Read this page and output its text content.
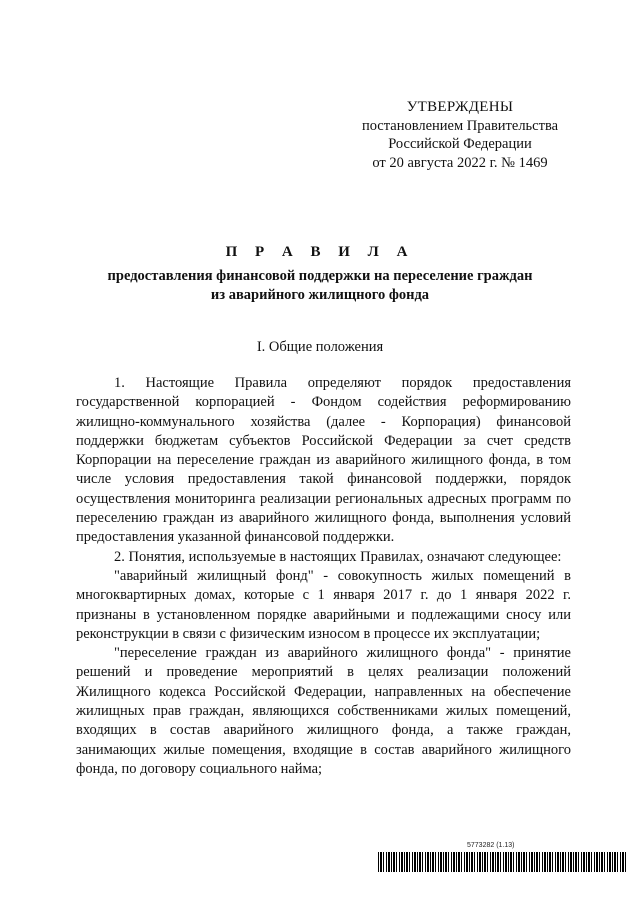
УТВЕРЖДЕНЫ
постановлением Правительства
Российской Федерации
от 20 августа 2022 г. № 1469
П Р А В И Л А
предоставления финансовой поддержки на переселение граждан
из аварийного жилищного фонда
I. Общие положения

1. Настоящие Правила определяют порядок предоставления государственной корпорацией - Фондом содействия реформированию жилищно-коммунального хозяйства (далее - Корпорация) финансовой поддержки бюджетам субъектов Российской Федерации за счет средств Корпорации на переселение граждан из аварийного жилищного фонда, в том числе условия предоставления такой финансовой поддержки, порядок осуществления мониторинга реализации региональных адресных программ по переселению граждан из аварийного жилищного фонда, выполнения условий предоставления указанной финансовой поддержки.

2. Понятия, используемые в настоящих Правилах, означают следующее:

"аварийный жилищный фонд" - совокупность жилых помещений в многоквартирных домах, которые с 1 января 2017 г. до 1 января 2022 г. признаны в установленном порядке аварийными и подлежащими сносу или реконструкции в связи с физическим износом в процессе их эксплуатации;

"переселение граждан из аварийного жилищного фонда" - принятие решений и проведение мероприятий в целях реализации положений Жилищного кодекса Российской Федерации, направленных на обеспечение жилищных прав граждан, являющихся собственниками жилых помещений, входящих в состав аварийного жилищного фонда, а также граждан, занимающих жилые помещения, входящие в состав аварийного жилищного фонда, по договору социального найма;

5773282 (1.13)
